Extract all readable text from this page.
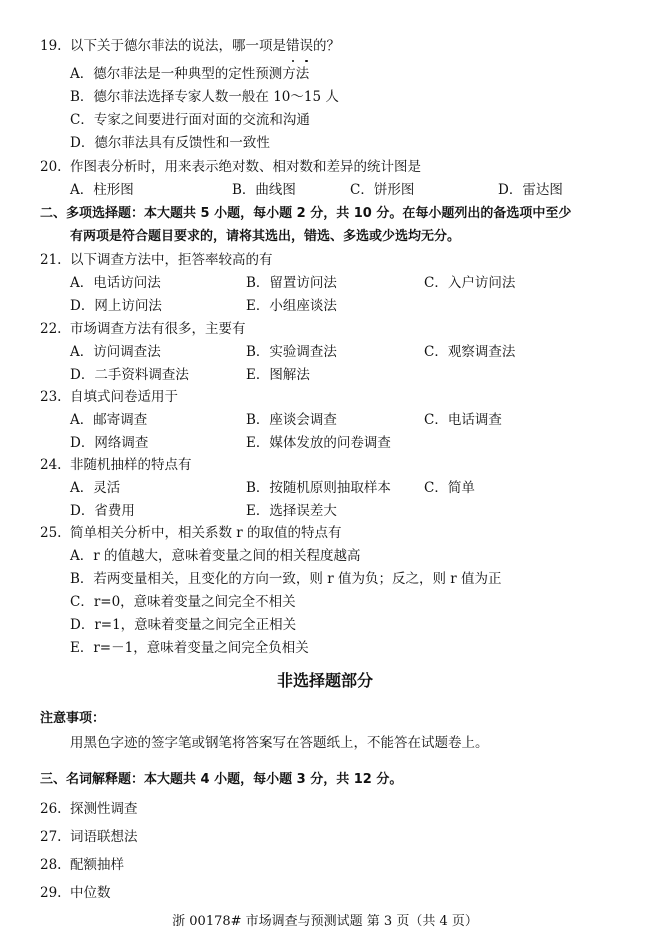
19. 以下关于德尔菲法的说法，哪一项是错
误
的？
A．德尔菲法是一种典型的定性预测方法
B．德尔菲法选择专家人数一般在 10～15 人
C．专家之间要进行面对面的交流和沟通
D．德尔菲法具有反馈性和一致性
20. 作图表分析时，用来表示绝对数、相对数和差异的统计图是
A．柱形图	B．曲线图	C．饼形图	D．雷达图
二、多项选择题：本大题共 5 小题，每小题 2 分，共 10 分。在每小题列出的备选项中至少
有两项是符合题目要求的，请将其选出，错选、多选或少选均无分。
21. 以下调查方法中，拒答率较高的有
A．电话访问法	B．留置访问法	C．入户访问法
D．网上访问法	E．小组座谈法
22. 市场调查方法有很多，主要有
A．访问调查法	B．实验调查法	C．观察调查法
D．二手资料调查法	E．图解法
23. 自填式问卷适用于
A．邮寄调查	B．座谈会调查	C．电话调查
D．网络调查	E．媒体发放的问卷调查
24. 非随机抽样的特点有
A．灵活	B．按随机原则抽取样本 C．简单
D．省费用	E．选择误差大
25. 简单相关分析中，相关系数 r 的取值的特点有
A．r 的值越大，意味着变量之间的相关程度越高
B．若两变量相关，且变化的方向一致，则 r 值为负；反之，则 r 值为正
C．r=0，意味着变量之间完全不相关
D．r=1，意味着变量之间完全正相关
E．r=－1，意味着变量之间完全负相关
非选择题部分
注意事项：
用黑色字迹的签字笔或钢笔将答案写在答题纸上，不能答在试题卷上。
三、名词解释题：本大题共 4 小题，每小题 3 分，共 12 分。
26. 探测性调查
27. 词语联想法
28. 配额抽样
29. 中位数
浙 00178# 市场调查与预测试题 第 3 页（共 4 页）
